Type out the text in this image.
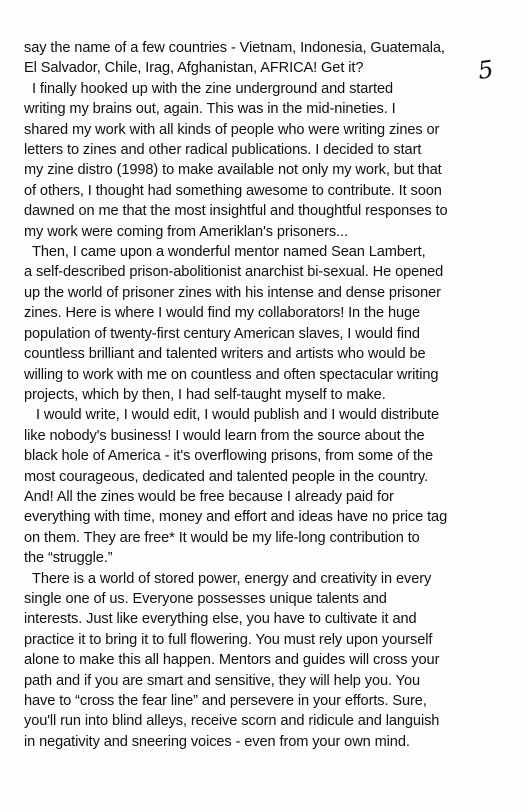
say the name of a few countries - Vietnam, Indonesia, Guatemala,
El Salvador, Chile, Irag, Afghanistan, AFRICA! Get it?
I finally hooked up with the zine underground and started
writing my brains out, again. This was in the mid-nineties. I
shared my work with all kinds of people who were writing zines or
letters to zines and other radical publications. I decided to start
my zine distro (1998) to make available not only my work, but that
of others, I thought had something awesome to contribute. It soon
dawned on me that the most insightful and thoughtful responses to
my work were coming from Ameriklan's prisoners...
Then, I came upon a wonderful mentor named Sean Lambert,
a self-described prison-abolitionist anarchist bi-sexual. He opened
up the world of prisoner zines with his intense and dense prisoner
zines. Here is where I would find my collaborators! In the huge
population of twenty-first century American slaves, I would find
countless brilliant and talented writers and artists who would be
willing to work with me on countless and often spectacular writing
projects, which by then, I had self-taught myself to make.
I would write, I would edit, I would publish and I would distribute
like nobody's business! I would learn from the source about the
black hole of America - it's overflowing prisons, from some of the
most courageous, dedicated and talented people in the country.
And! All the zines would be free because I already paid for
everything with time, money and effort and ideas have no price tag
on them. They are free* It would be my life-long contribution to
the “struggle.”
There is a world of stored power, energy and creativity in every
single one of us. Everyone possesses unique talents and
interests. Just like everything else, you have to cultivate it and
practice it to bring it to full flowering. You must rely upon yourself
alone to make this all happen. Mentors and guides will cross your
path and if you are smart and sensitive, they will help you. You
have to “cross the fear line” and persevere in your efforts. Sure,
you'll run into blind alleys, receive scorn and ridicule and languish
in negativity and sneering voices - even from your own mind.
5
